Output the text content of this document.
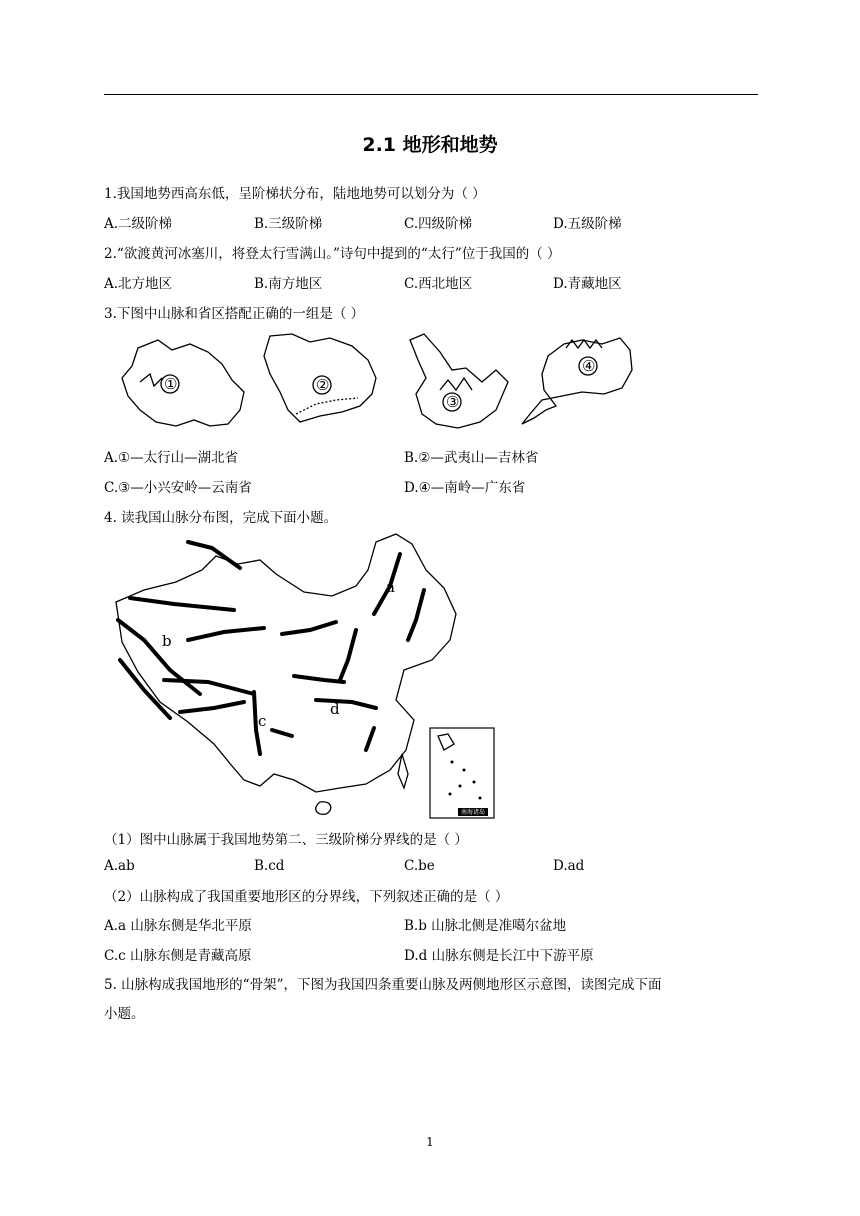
2.1 地形和地势
1.我国地势西高东低，呈阶梯状分布，陆地地势可以划分为（ ）
A.二级阶梯	B.三级阶梯	C.四级阶梯	D.五级阶梯
2.“欲渡黄河冰塞川，将登太行雪满山。”诗句中提到的“太行”位于我国的（ ）
A.北方地区	B.南方地区	C.西北地区	D.青藏地区
3.下图中山脉和省区搭配正确的一组是（ ）
①	②
③
④
A.①—太行山—湖北省	B.②—武夷山—吉林省
C.③—小兴安岭—云南省	D.④—南岭—广东省
4. 读我国山脉分布图，完成下面小题。
a
b
c
d
南海诸岛
（1）图中山脉属于我国地势第二、三级阶梯分界线的是（ ）
A.ab	B.cd	C.be	D.ad
（2）山脉构成了我国重要地形区的分界线，下列叙述正确的是（ ）
A.a 山脉东侧是华北平原	B.b 山脉北侧是准噶尔盆地
C.c 山脉东侧是青藏高原	D.d 山脉东侧是长江中下游平原
5. 山脉构成我国地形的“骨架”，下图为我国四条重要山脉及两侧地形区示意图，读图完成下面
小题。
1
